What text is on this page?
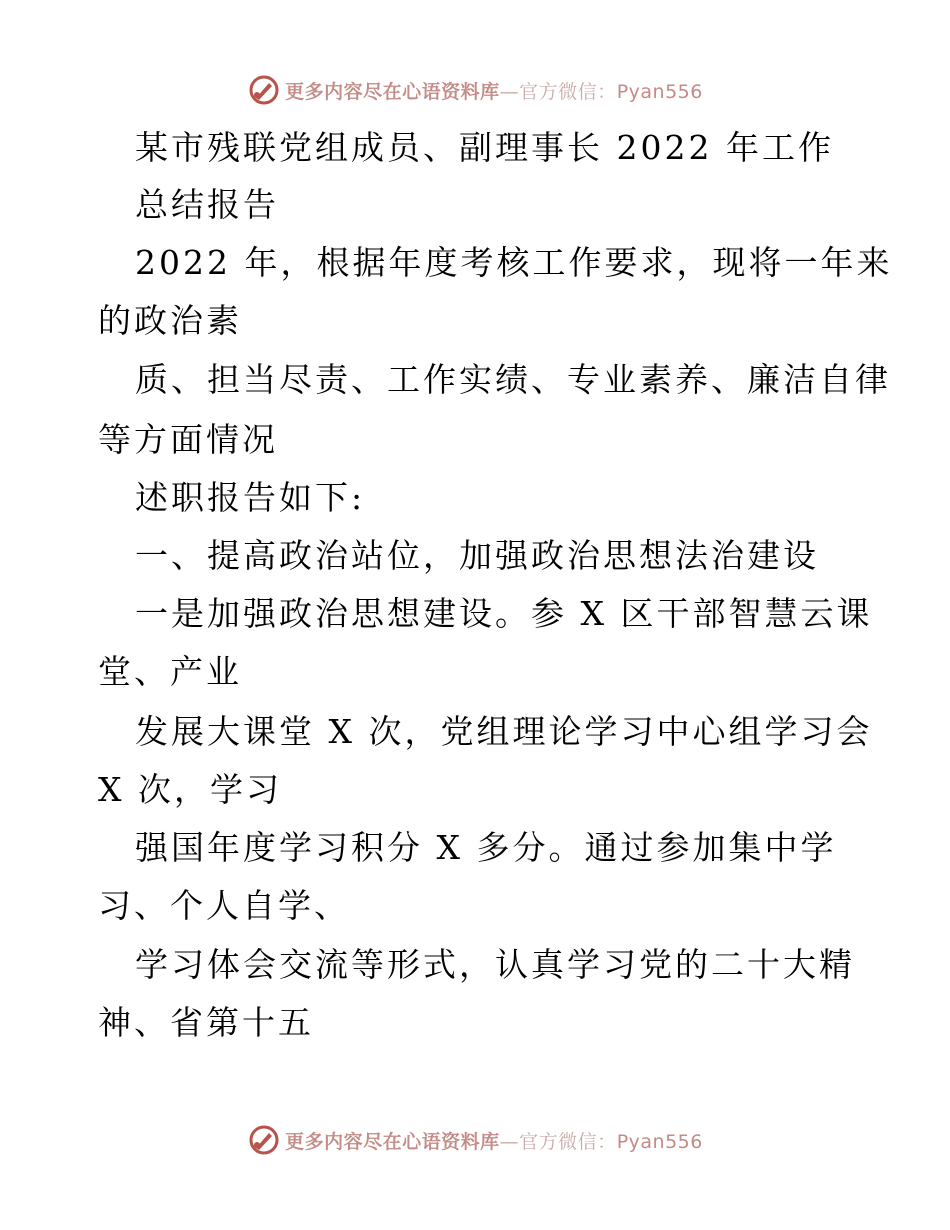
更多内容尽在心语资料库—官方微信：Pyan556
某市残联党组成员、副理事长 2022 年工作
总结报告
2022 年，根据年度考核工作要求，现将一年来
的政治素
质、担当尽责、工作实绩、专业素养、廉洁自律
等方面情况
述职报告如下:
一、提高政治站位，加强政治思想法治建设
一是加强政治思想建设。参 X 区干部智慧云课
堂、产业
发展大课堂 X 次，党组理论学习中心组学习会
X 次，学习
强国年度学习积分 X 多分。通过参加集中学
习、个人自学、
学习体会交流等形式，认真学习党的二十大精
神、省第十五
更多内容尽在心语资料库—官方微信：Pyan556
